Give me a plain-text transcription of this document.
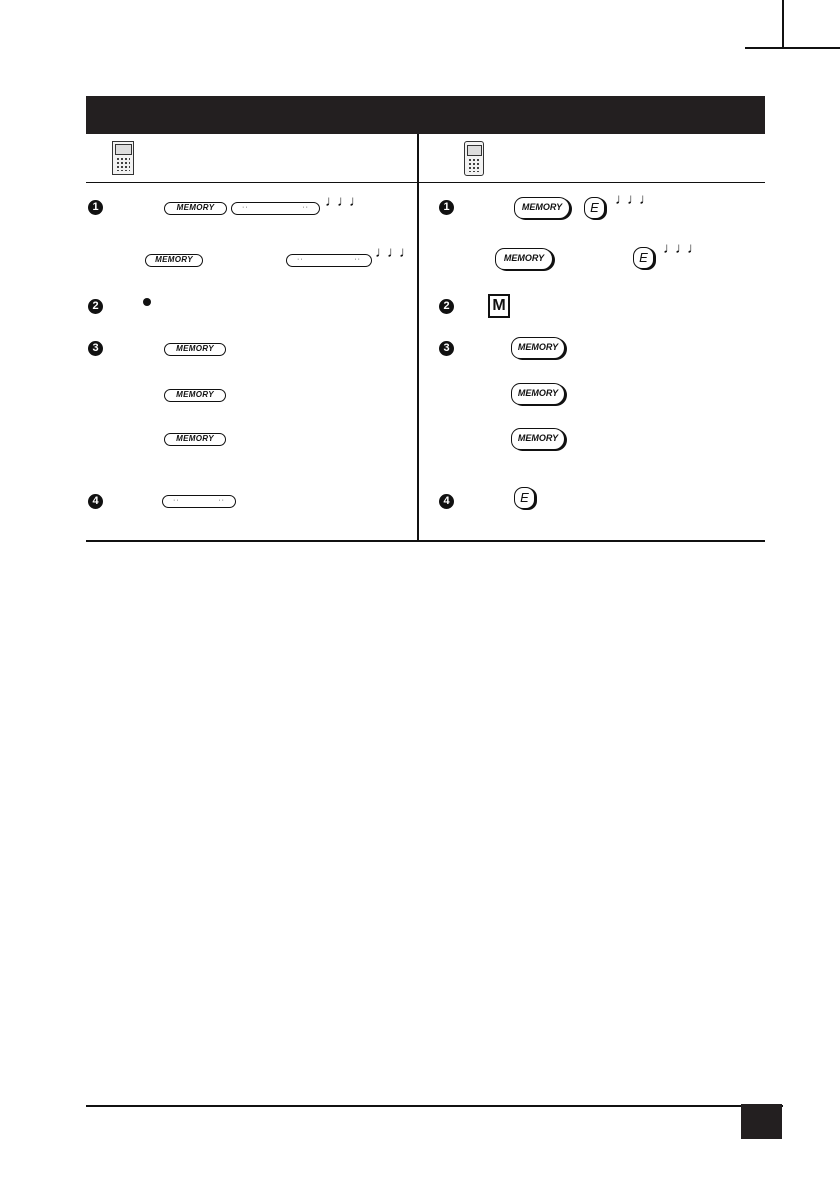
1	MEMORY	··	·· ♩♩♩
MEMORY	··	·· ♩♩♩
2
3	MEMORY
MEMORY
MEMORY
4	··	··
1	MEMORY	E	♩♩♩
MEMORY	E
♩♩♩
2	M
3	MEMORY
MEMORY
MEMORY
4	E
